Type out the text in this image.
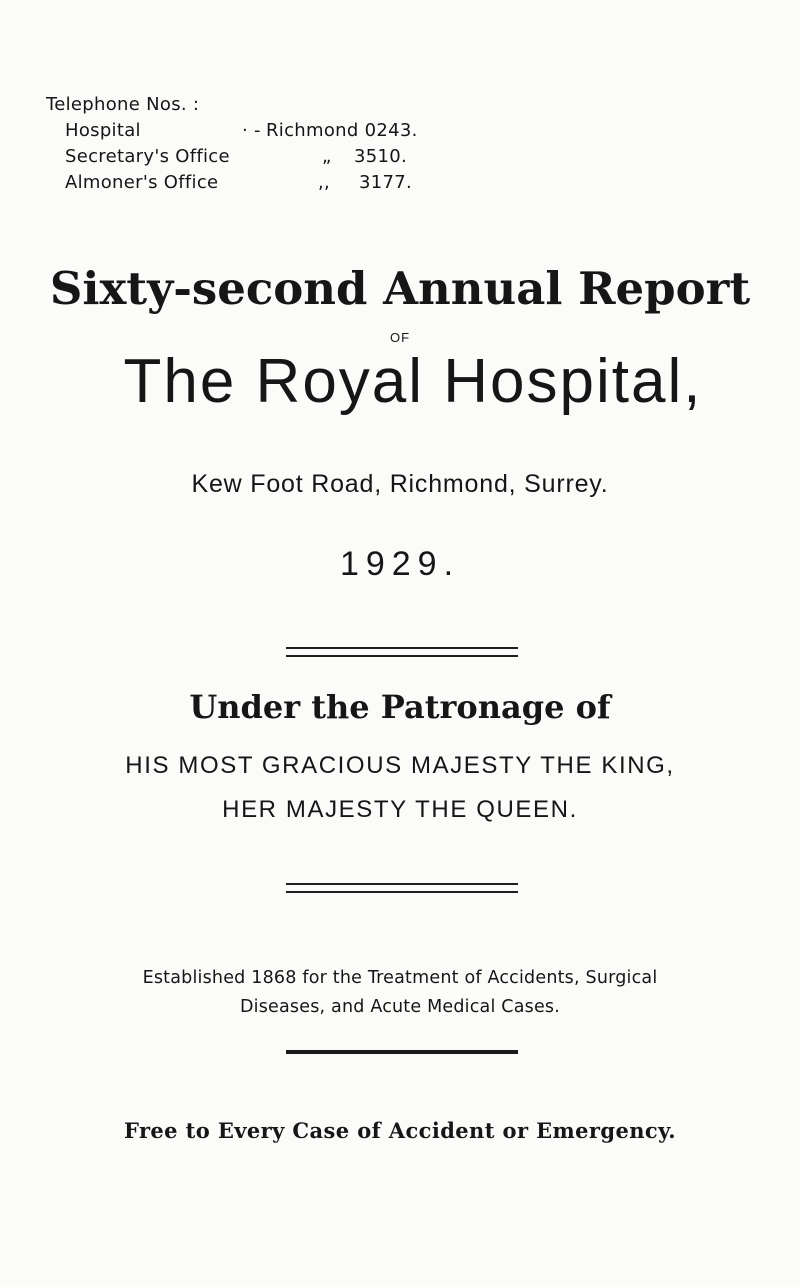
Telephone Nos. :
Hospital	· - Richmond 0243.
Secretary's Office	„ 3510.
Almoner's Office	,, 3177.
Sixty-second Annual Report
OF
The Royal Hospital,
Kew Foot Road, Richmond, Surrey.
1929.
Under the Patronage of
HIS MOST GRACIOUS MAJESTY THE KING,
HER MAJESTY THE QUEEN.
Established 1868 for the Treatment of Accidents, Surgical
Diseases, and Acute Medical Cases.
Free to Every Case of Accident or Emergency.
